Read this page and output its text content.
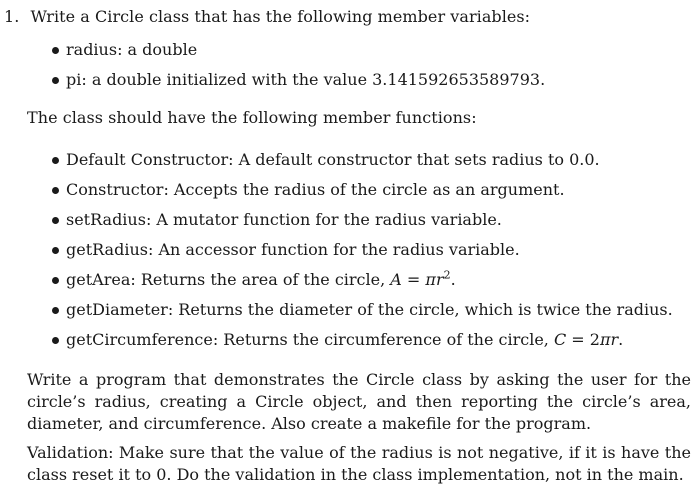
1. Write a Circle class that has the following member variables:
radius: a double
pi: a double initialized with the value 3.141592653589793.
The class should have the following member functions:
Default Constructor: A default constructor that sets radius to 0.0.
Constructor: Accepts the radius of the circle as an argument.
setRadius: A mutator function for the radius variable.
getRadius: An accessor function for the radius variable.
getArea: Returns the area of the circle, $A = \pi r^2$.
getDiameter: Returns the diameter of the circle, which is twice the radius.
getCircumference: Returns the circumference of the circle, C = 2πr.

Write a program that demonstrates the Circle class by asking the user for the circle’s radius, creating a Circle object, and then reporting the circle’s area, diameter, and circumference. Also create a makefile for the program.

Validation: Make sure that the value of the radius is not negative, if it is have the class reset it to 0. Do the validation in the class implementation, not in the main.
